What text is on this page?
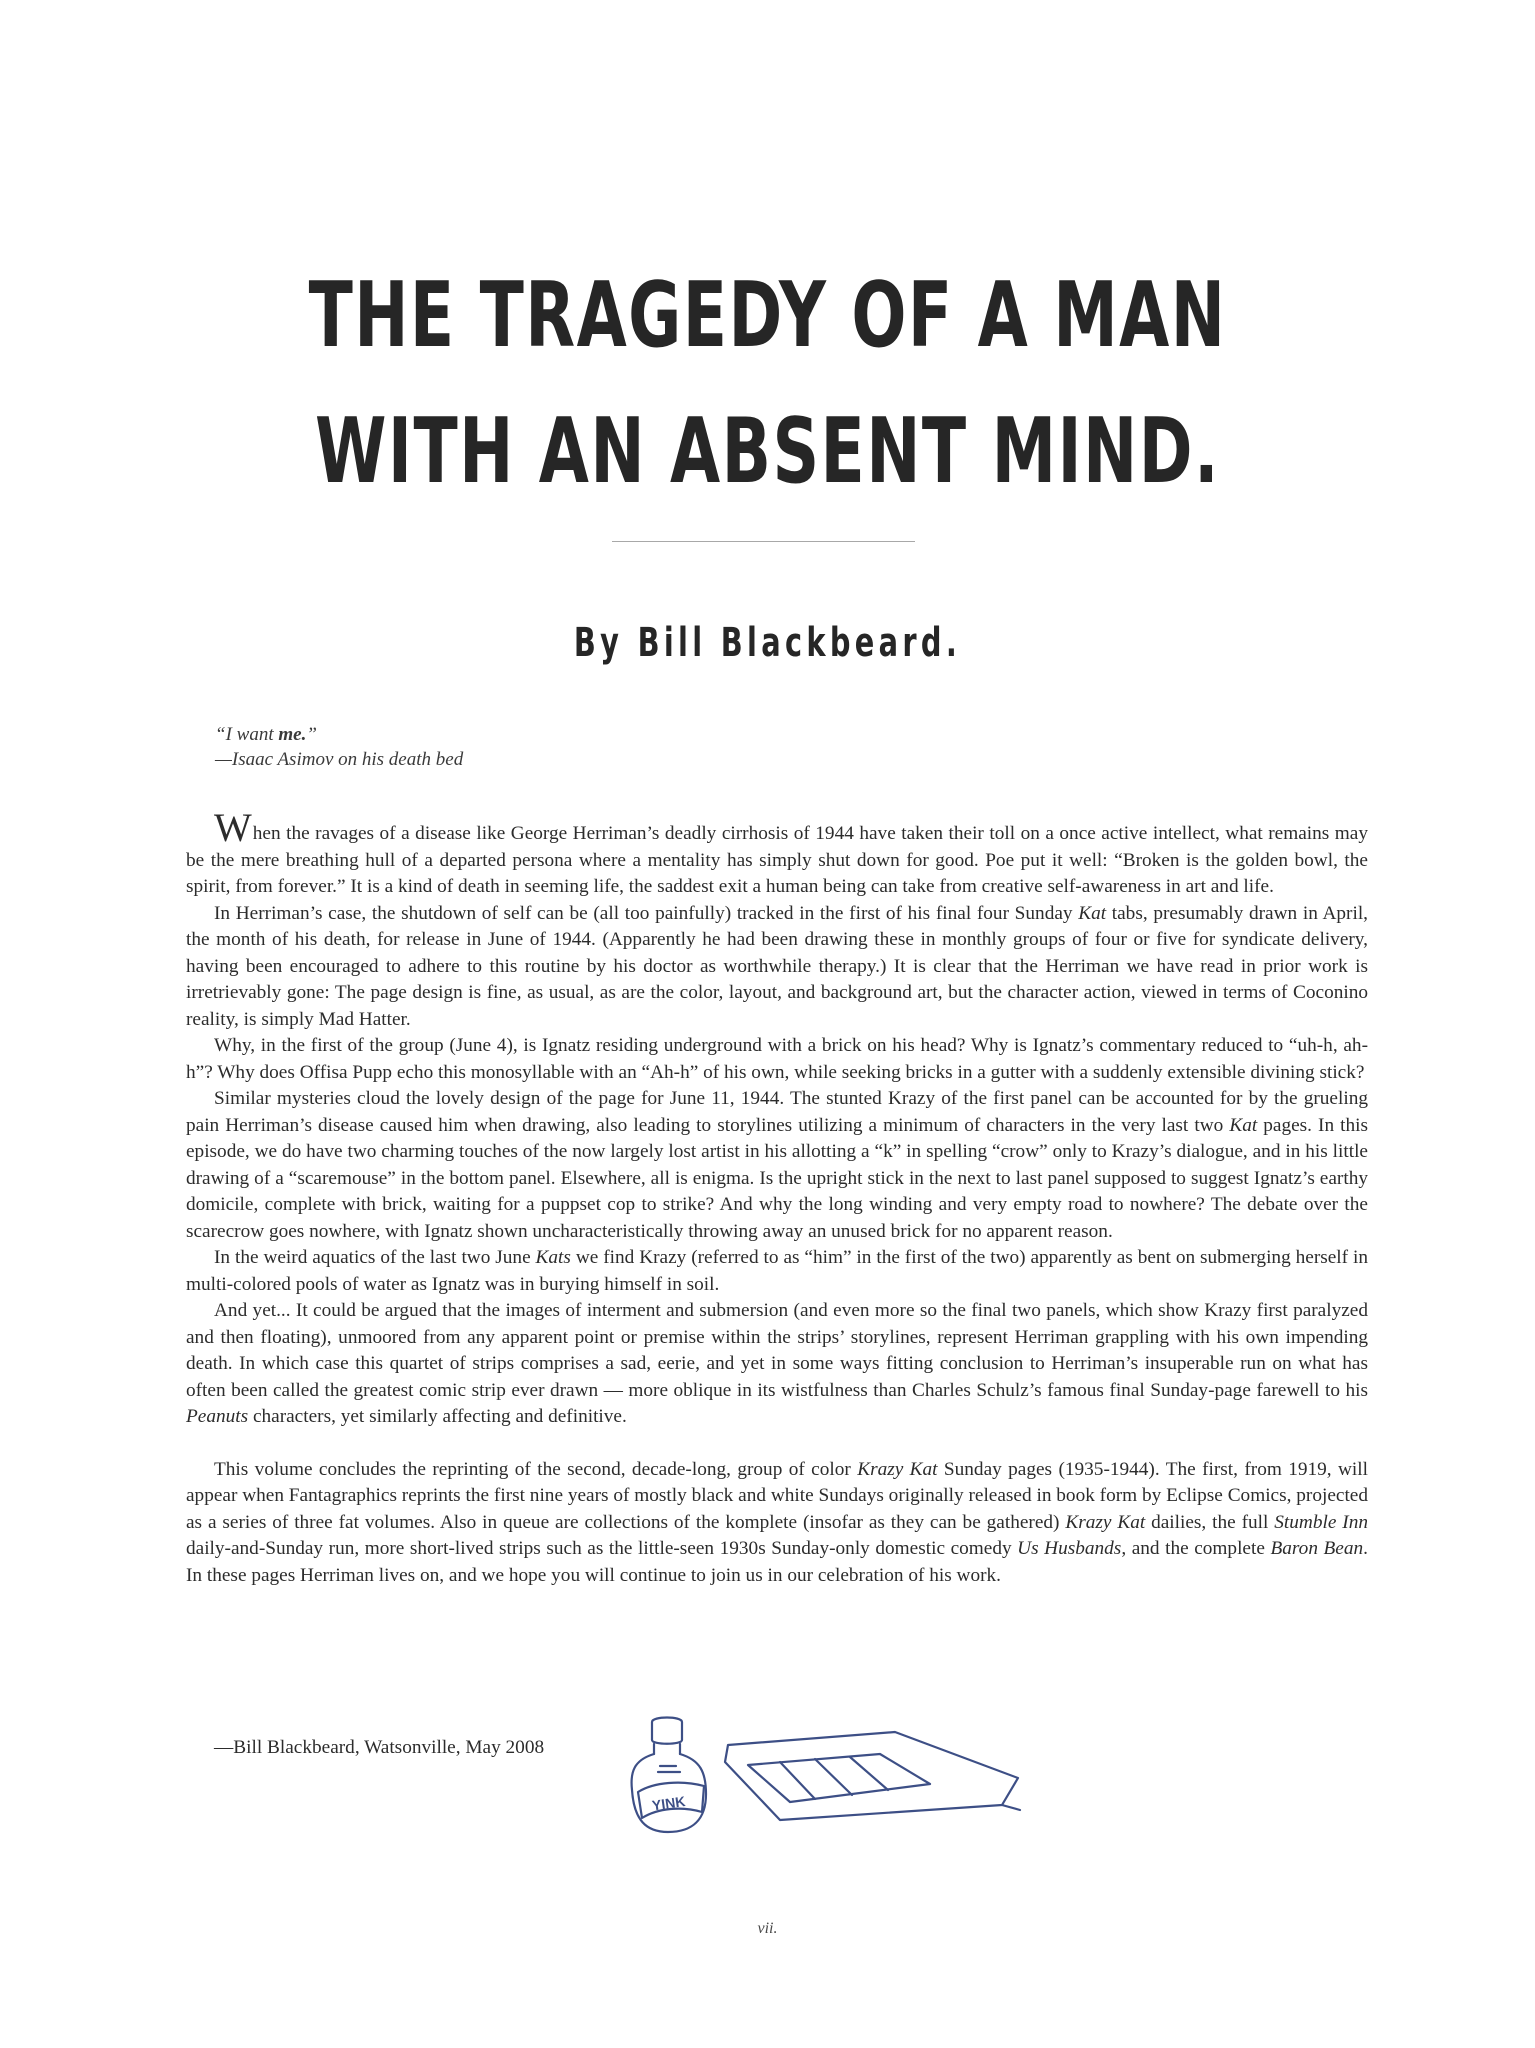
THE TRAGEDY OF A MAN
WITH AN ABSENT MIND.
By Bill Blackbeard.

“I want me.”

—Isaac Asimov on his death bed

When the ravages of a disease like George Herriman’s deadly cirrhosis of 1944 have taken their toll on a once active intellect, what remains may be the mere breathing hull of a departed persona where a mentality has simply shut down for good. Poe put it well: “Broken is the golden bowl, the spirit, from forever.” It is a kind of death in seeming life, the saddest exit a human being can take from creative self-awareness in art and life.

In Herriman’s case, the shutdown of self can be (all too painfully) tracked in the first of his final four Sunday Kat tabs, presumably drawn in April, the month of his death, for release in June of 1944. (Apparently he had been drawing these in monthly groups of four or five for syndicate delivery, having been encouraged to adhere to this routine by his doctor as worthwhile therapy.) It is clear that the Herriman we have read in prior work is irretrievably gone: The page design is fine, as usual, as are the color, layout, and background art, but the character action, viewed in terms of Coconino reality, is simply Mad Hatter.

Why, in the first of the group (June 4), is Ignatz residing underground with a brick on his head? Why is Ignatz’s commentary reduced to “uh-h, ah-h”? Why does Offisa Pupp echo this monosyllable with an “Ah-h” of his own, while seeking bricks in a gutter with a suddenly extensible divining stick?

Similar mysteries cloud the lovely design of the page for June 11, 1944. The stunted Krazy of the first panel can be accounted for by the grueling pain Herriman’s disease caused him when drawing, also leading to storylines utilizing a minimum of characters in the very last two Kat pages. In this episode, we do have two charming touches of the now largely lost artist in his allotting a “k” in spelling “crow” only to Krazy’s dialogue, and in his little drawing of a “scaremouse” in the bottom panel. Elsewhere, all is enigma. Is the upright stick in the next to last panel supposed to suggest Ignatz’s earthy domicile, complete with brick, waiting for a puppset cop to strike? And why the long winding and very empty road to nowhere? The debate over the scarecrow goes nowhere, with Ignatz shown uncharacteristically throwing away an unused brick for no apparent reason.

In the weird aquatics of the last two June Kats we find Krazy (referred to as “him” in the first of the two) apparently as bent on submerging herself in multi-colored pools of water as Ignatz was in burying himself in soil.

And yet... It could be argued that the images of interment and submersion (and even more so the final two panels, which show Krazy first paralyzed and then floating), unmoored from any apparent point or premise within the strips’ storylines, represent Herriman grappling with his own impending death. In which case this quartet of strips comprises a sad, eerie, and yet in some ways fitting conclusion to Herriman’s insuperable run on what has often been called the greatest comic strip ever drawn — more oblique in its wistfulness than Charles Schulz’s famous final Sunday-page farewell to his Peanuts characters, yet similarly affecting and definitive.

This volume concludes the reprinting of the second, decade-long, group of color Krazy Kat Sunday pages (1935-1944). The first, from 1919, will appear when Fantagraphics reprints the first nine years of mostly black and white Sundays originally released in book form by Eclipse Comics, projected as a series of three fat volumes. Also in queue are collections of the komplete (insofar as they can be gathered) Krazy Kat dailies, the full Stumble Inn daily-and-Sunday run, more short-lived strips such as the little-seen 1930s Sunday-only domestic comedy Us Husbands, and the complete Baron Bean. In these pages Herriman lives on, and we hope you will continue to join us in our celebration of his work.

—Bill Blackbeard, Watsonville, May 2008
YINK
vii.
